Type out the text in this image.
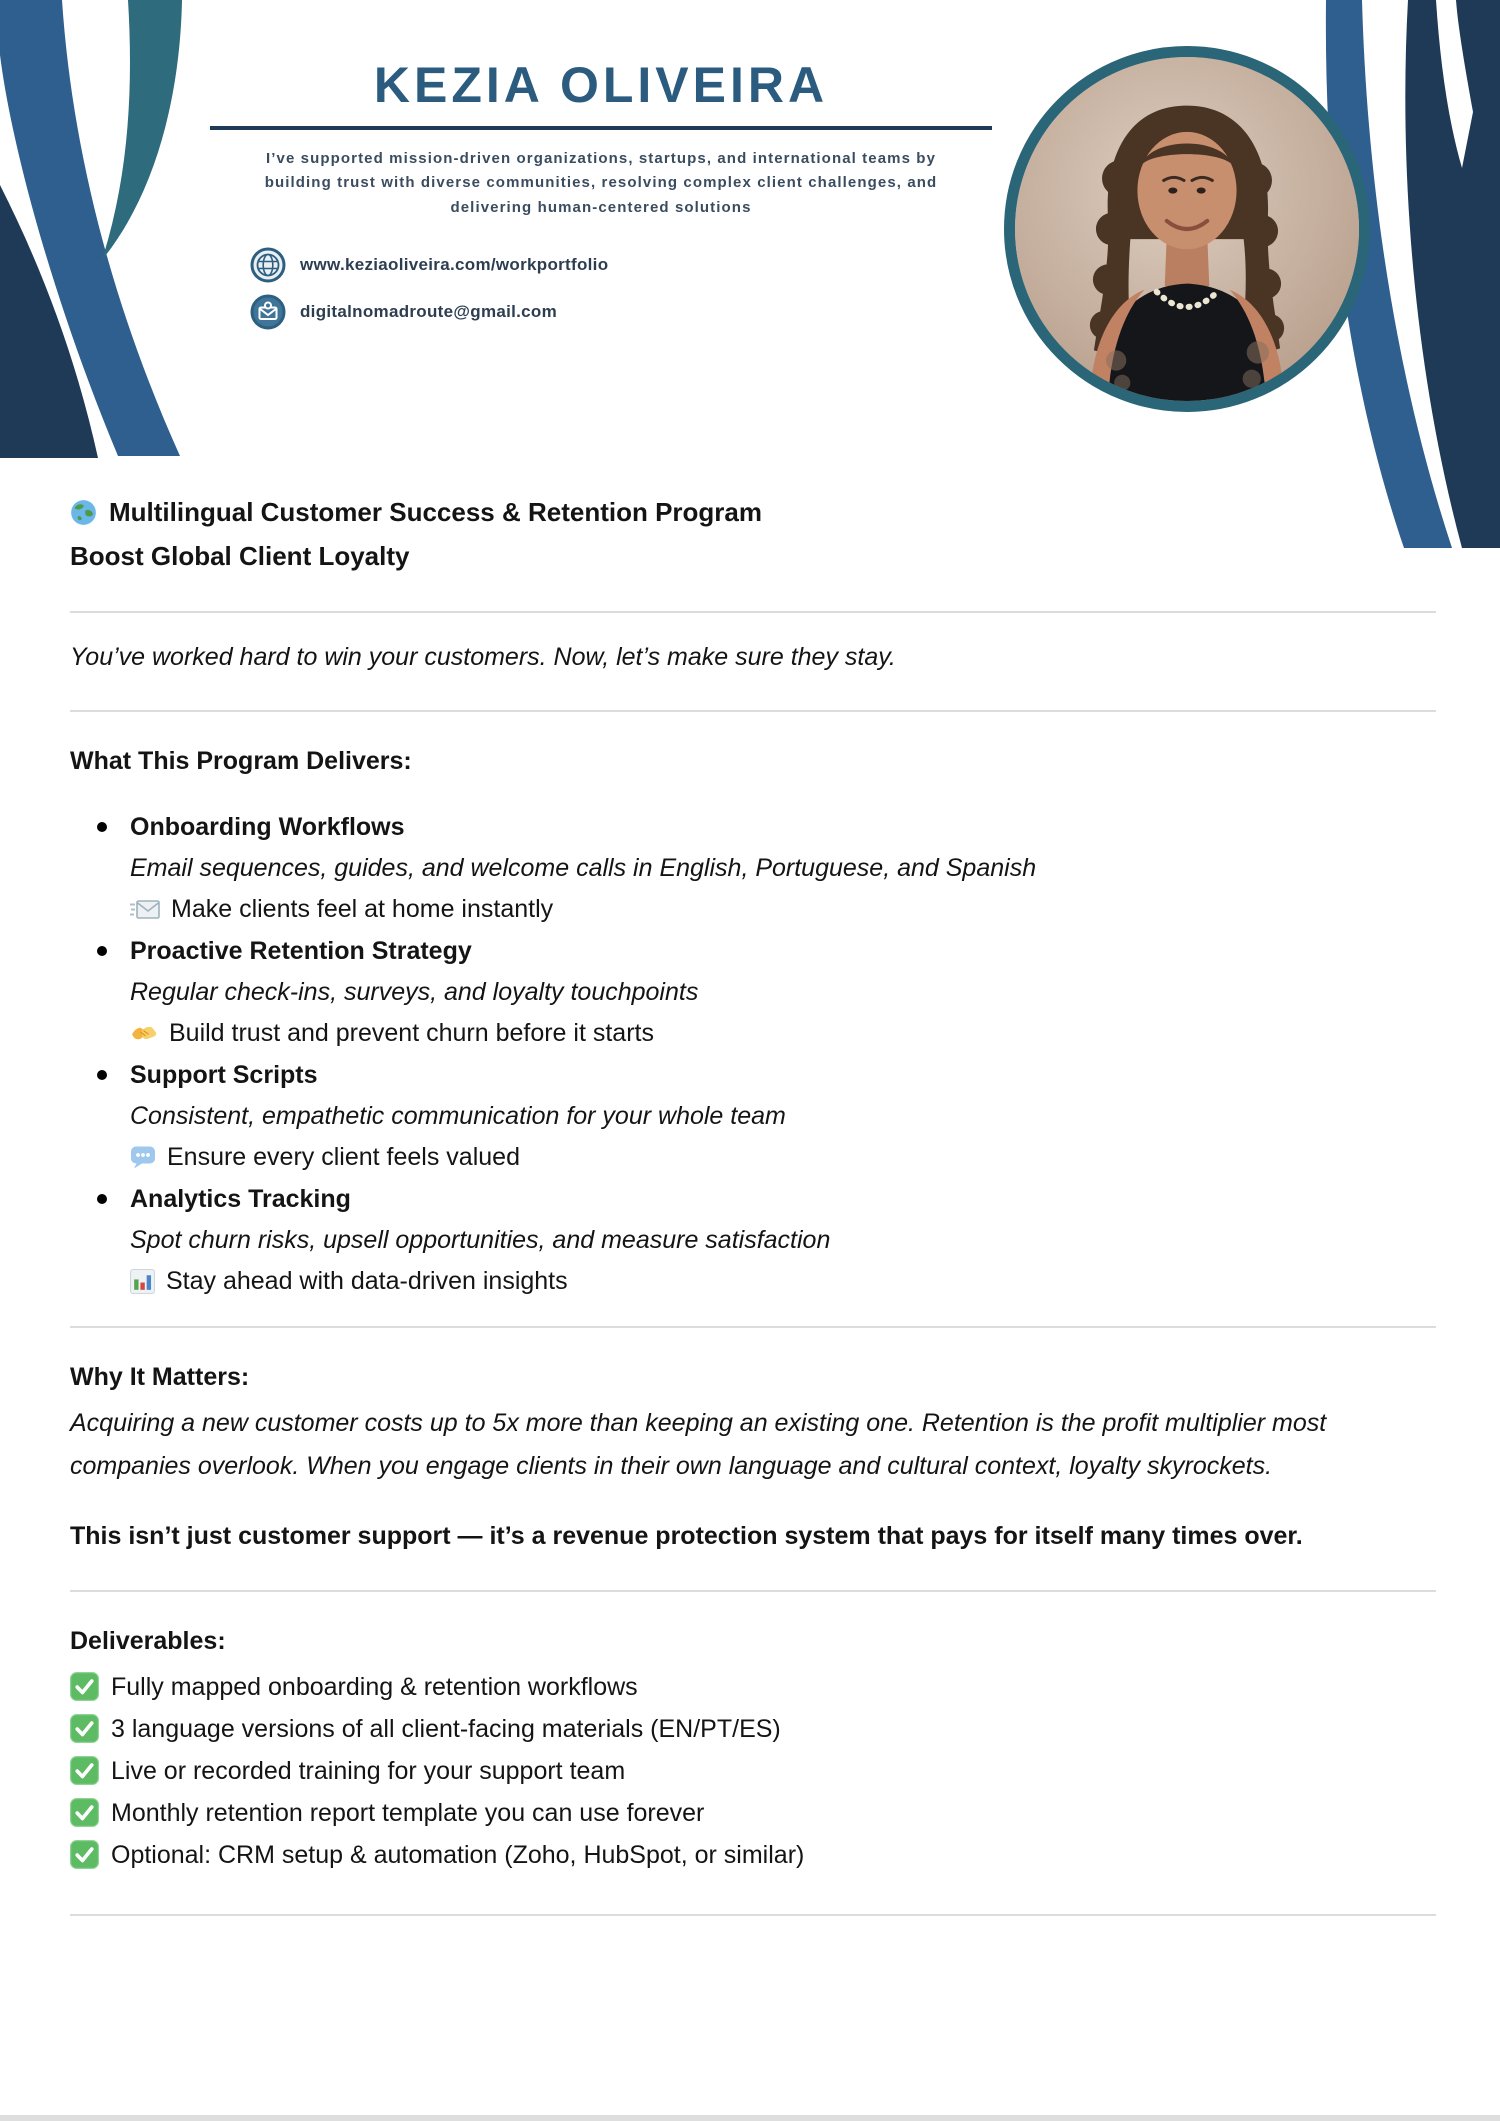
KEZIA OLIVEIRA

I’ve supported mission-driven organizations, startups, and international teams by building trust with diverse communities, resolving complex client challenges, and delivering human-centered solutions

www.keziaoliveira.com/workportfolio
digitalnomadroute@gmail.com
Multilingual Customer Success & Retention Program
Boost Global Client Loyalty

You’ve worked hard to win your customers. Now, let’s make sure they stay.

What This Program Delivers:
Onboarding Workflows
Email sequences, guides, and welcome calls in English, Portuguese, and Spanish
Make clients feel at home instantly
Proactive Retention Strategy
Regular check-ins, surveys, and loyalty touchpoints
Build trust and prevent churn before it starts
Support Scripts
Consistent, empathetic communication for your whole team
Ensure every client feels valued
Analytics Tracking
Spot churn risks, upsell opportunities, and measure satisfaction
Stay ahead with data-driven insights
Why It Matters:

Acquiring a new customer costs up to 5x more than keeping an existing one. Retention is the profit multiplier most companies overlook. When you engage clients in their own language and cultural context, loyalty skyrockets.

This isn’t just customer support — it’s a revenue protection system that pays for itself many times over.

Deliverables:
Fully mapped onboarding & retention workflows
3 language versions of all client-facing materials (EN/PT/ES)
Live or recorded training for your support team
Monthly retention report template you can use forever
Optional: CRM setup & automation (Zoho, HubSpot, or similar)
